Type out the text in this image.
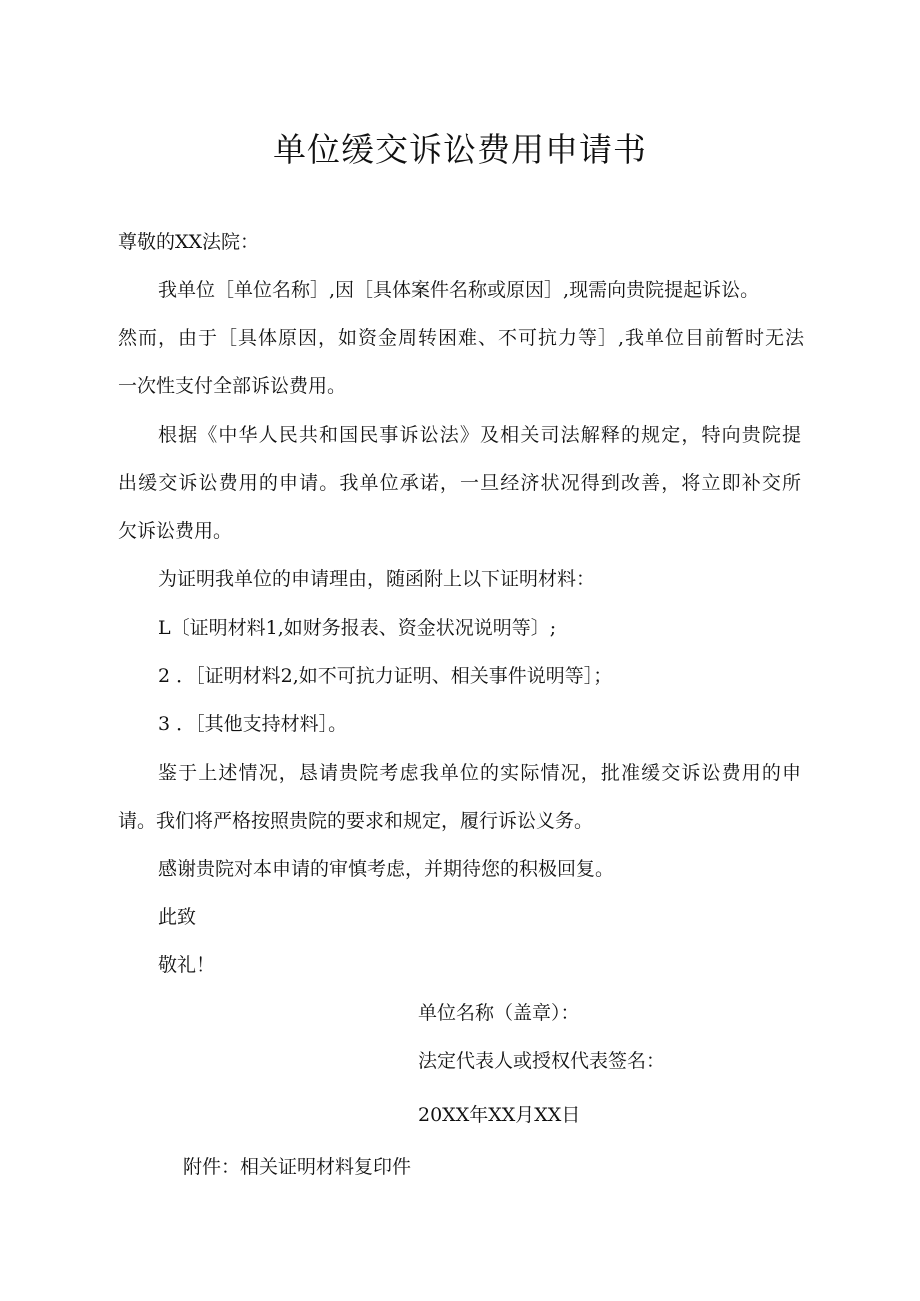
单位缓交诉讼费用申请书
尊敬的XX法院：
我单位［单位名称］,因［具体案件名称或原因］,现需向贵院提起诉讼。
然而，由于［具体原因，如资金周转困难、不可抗力等］,我单位目前暂时无法
一次性支付全部诉讼费用。
根据《中华人民共和国民事诉讼法》及相关司法解释的规定，特向贵院提
出缓交诉讼费用的申请。我单位承诺，一旦经济状况得到改善，将立即补交所
欠诉讼费用。
为证明我单位的申请理由，随函附上以下证明材料：
L〔证明材料1,如财务报表、资金状况说明等〕;
2 ．［证明材料2,如不可抗力证明、相关事件说明等］；
3 ．［其他支持材料］。
鉴于上述情况，恳请贵院考虑我单位的实际情况，批准缓交诉讼费用的申
请。我们将严格按照贵院的要求和规定，履行诉讼义务。
感谢贵院对本申请的审慎考虑，并期待您的积极回复。
此致
敬礼！
单位名称（盖章）：
法定代表人或授权代表签名：
20XX年XX月XX日
附件：相关证明材料复印件
